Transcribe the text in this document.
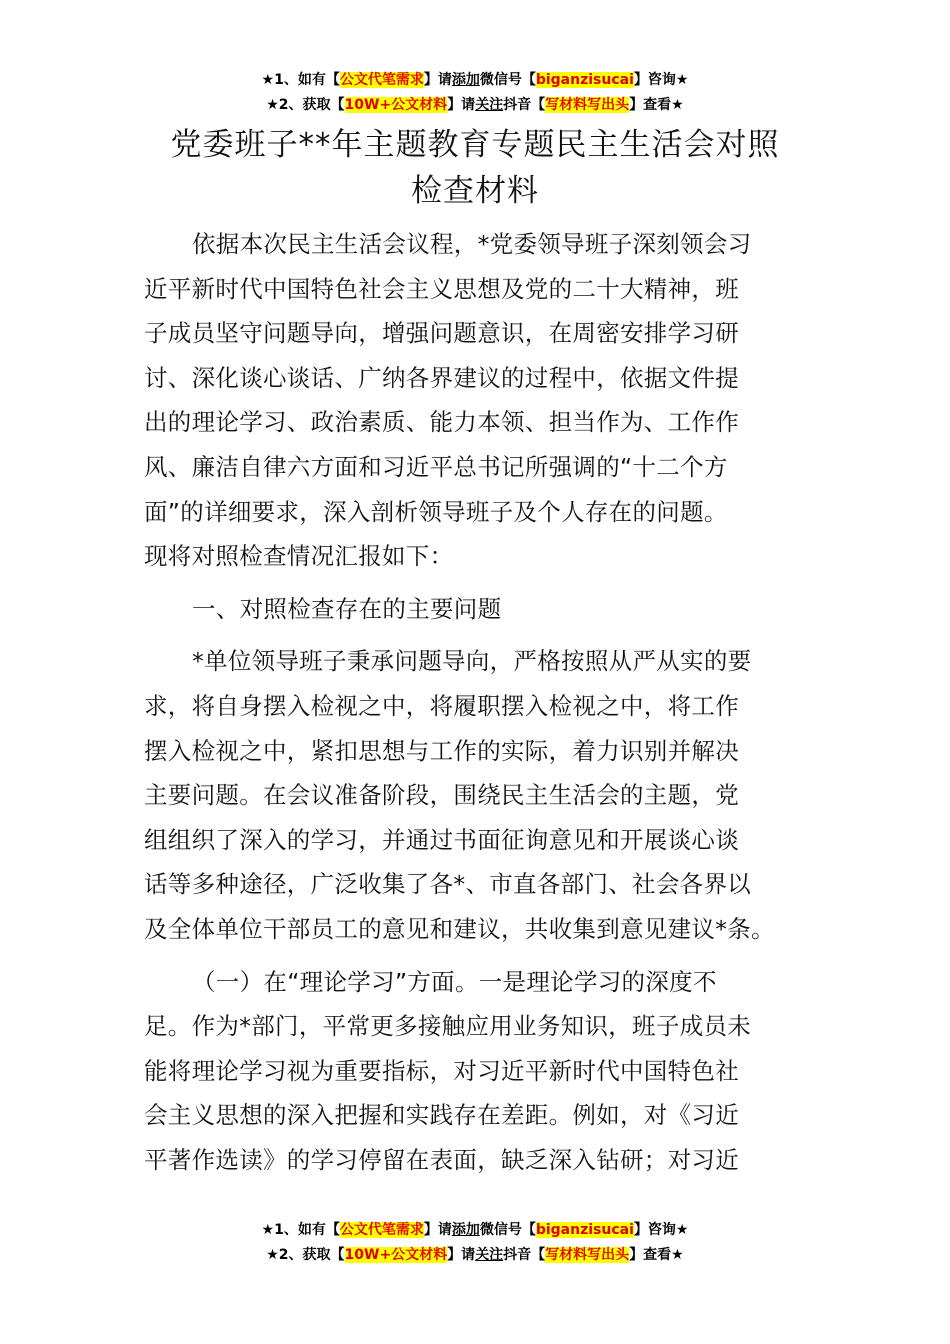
★1、如有【公文代笔需求】请添加微信号【biganzisucai】咨询★
★2、获取【10W+公文材料】请关注抖音【写材料写出头】查看★
党委班子**年主题教育专题民主生活会对照
检查材料
依据本次民主生活会议程，*党委领导班子深刻领会习
近平新时代中国特色社会主义思想及党的二十大精神，班
子成员坚守问题导向，增强问题意识，在周密安排学习研
讨、深化谈心谈话、广纳各界建议的过程中，依据文件提
出的理论学习、政治素质、能力本领、担当作为、工作作
风、廉洁自律六方面和习近平总书记所强调的“十二个方
面”的详细要求，深入剖析领导班子及个人存在的问题。
现将对照检查情况汇报如下：
一、对照检查存在的主要问题
*单位领导班子秉承问题导向，严格按照从严从实的要
求，将自身摆入检视之中，将履职摆入检视之中，将工作
摆入检视之中，紧扣思想与工作的实际，着力识别并解决
主要问题。在会议准备阶段，围绕民主生活会的主题，党
组组织了深入的学习，并通过书面征询意见和开展谈心谈
话等多种途径，广泛收集了各*、市直各部门、社会各界以
及全体单位干部员工的意见和建议，共收集到意见建议*条。
（一）在“理论学习”方面。一是理论学习的深度不
足。作为*部门，平常更多接触应用业务知识，班子成员未
能将理论学习视为重要指标，对习近平新时代中国特色社
会主义思想的深入把握和实践存在差距。例如，对《习近
平著作选读》的学习停留在表面，缺乏深入钻研；对习近
★1、如有【公文代笔需求】请添加微信号【biganzisucai】咨询★
★2、获取【10W+公文材料】请关注抖音【写材料写出头】查看★
